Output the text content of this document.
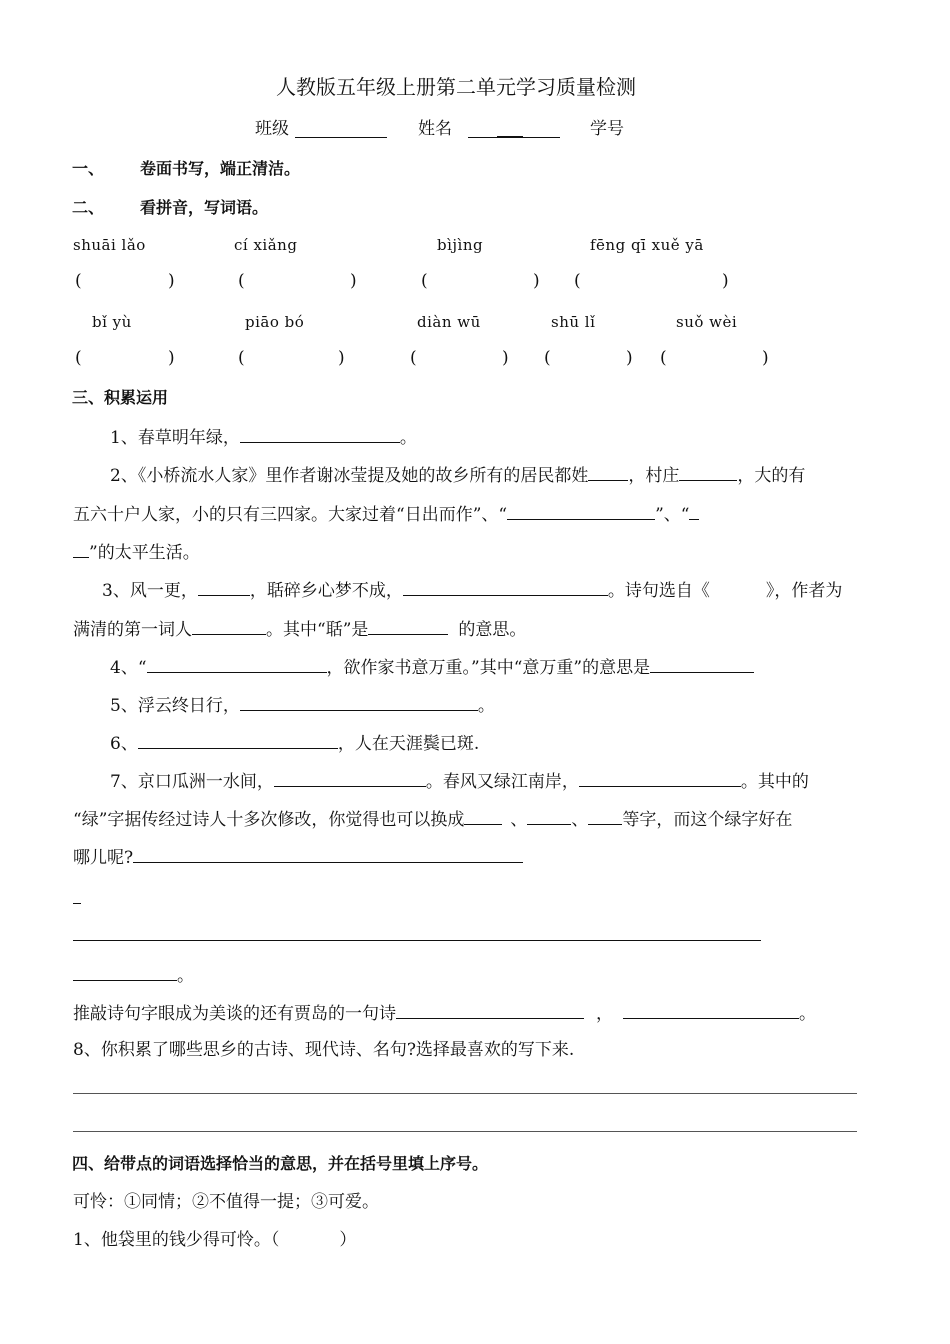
人教版五年级上册第二单元学习质量检测
班级	姓名	学号
一、 卷面书写，端正清洁。
二、 看拼音，写词语。
shuāi lǎo	cí xiǎng	bìjìng	fēng qī xuě yā
(	)	(	)	(	) (	)
bǐ yù	piāo bó	diàn wū	shū lǐ	suǒ wèi
(	)	(	)	(	) (	) (	)
三、积累运用
1、春草明年绿，	。
2、《小桥流水人家》里作者谢冰莹提及她的故乡所有的居民都姓 ，村庄	，大的有
五六十户人家，小的只有三四家。大家过着“日出而作”、“	”、“
”的太平生活。
3、风一更，	，聒碎乡心梦不成，	。诗句选自《	》，作者为
满清的第一词人	。其中“聒”是	的意思。
4、“	，欲作家书意万重。”其中“意万重”的意思是
5、浮云终日行，	。
6、	，人在天涯鬓已斑.
7、京口瓜洲一水间，	。春风又绿江南岸，	。其中的
“绿”字据传经过诗人十多次修改，你觉得也可以换成	、	、 等字，而这个绿字好在
哪儿呢?
。
推敲诗句字眼成为美谈的还有贾岛的一句诗	，	。
8、你积累了哪些思乡的古诗、现代诗、名句?选择最喜欢的写下来.
四、给带点的词语选择恰当的意思，并在括号里填上序号。
可怜：①同情；②不值得一提；③可爱。
1、他袋里的钱少得可怜。（	）
